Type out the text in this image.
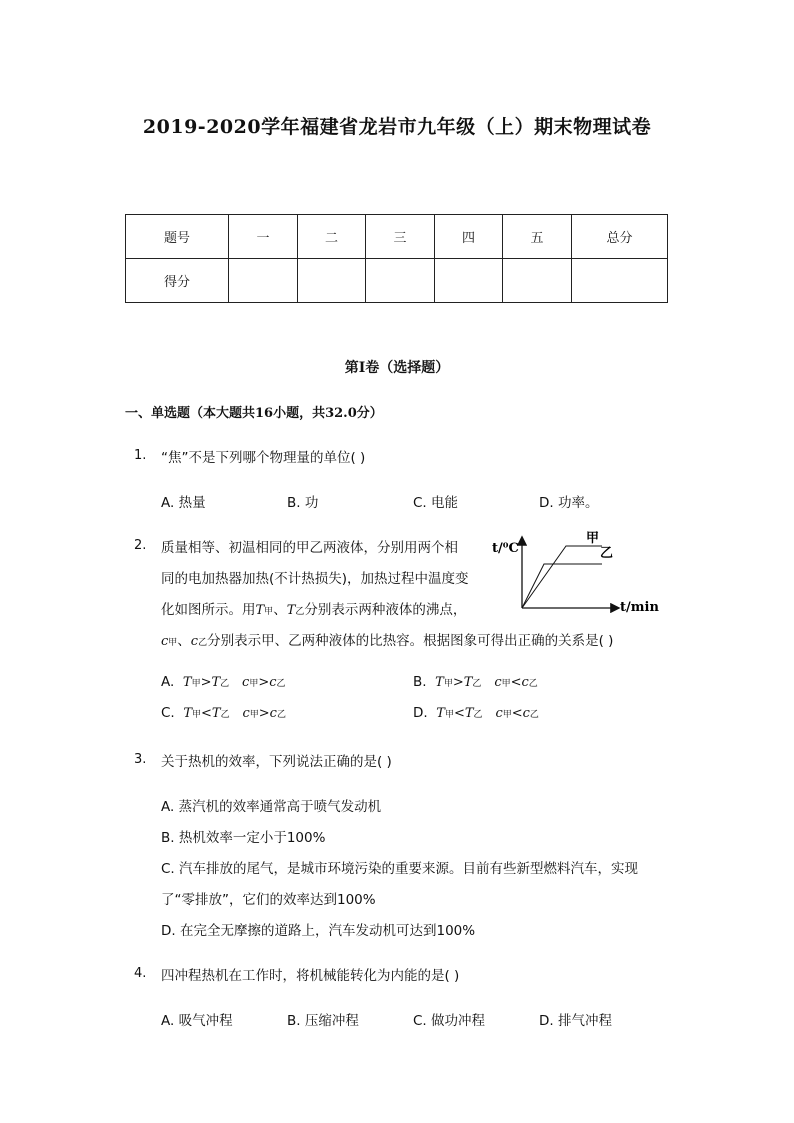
2019-2020学年福建省龙岩市九年级（上）期末物理试卷
题号	一	二	三	四	五	总分
得分						
第I卷（选择题）
一、单选题（本大题共16小题，共32.0分）
1. “焦”不是下列哪个物理量的单位( )
A. 热量	B. 功	C. 电能	D. 功率。
2. 质量相等、初温相同的甲乙两液体，分别用两个相
同的电加热器加热(不计热损失)，加热过程中温度变
化如图所示。用T甲、T乙分别表示两种液体的沸点，
c甲、c乙分别表示甲、乙两种液体的比热容。根据图象可得出正确的关系是( )
t/⁰C
t/min
甲
乙
A. T甲>T乙 c甲>c乙	B. T甲>T乙 c甲<c乙
C. T甲<T乙 c甲>c乙	D. T甲<T乙 c甲<c乙
3. 关于热机的效率，下列说法正确的是( )
A. 蒸汽机的效率通常高于喷气发动机
B. 热机效率一定小于100%
C. 汽车排放的尾气，是城市环境污染的重要来源。目前有些新型燃料汽车，实现
了“零排放”，它们的效率达到100%
D. 在完全无摩擦的道路上，汽车发动机可达到100%
4. 四冲程热机在工作时，将机械能转化为内能的是( )
A. 吸气冲程	B. 压缩冲程	C. 做功冲程	D. 排气冲程
